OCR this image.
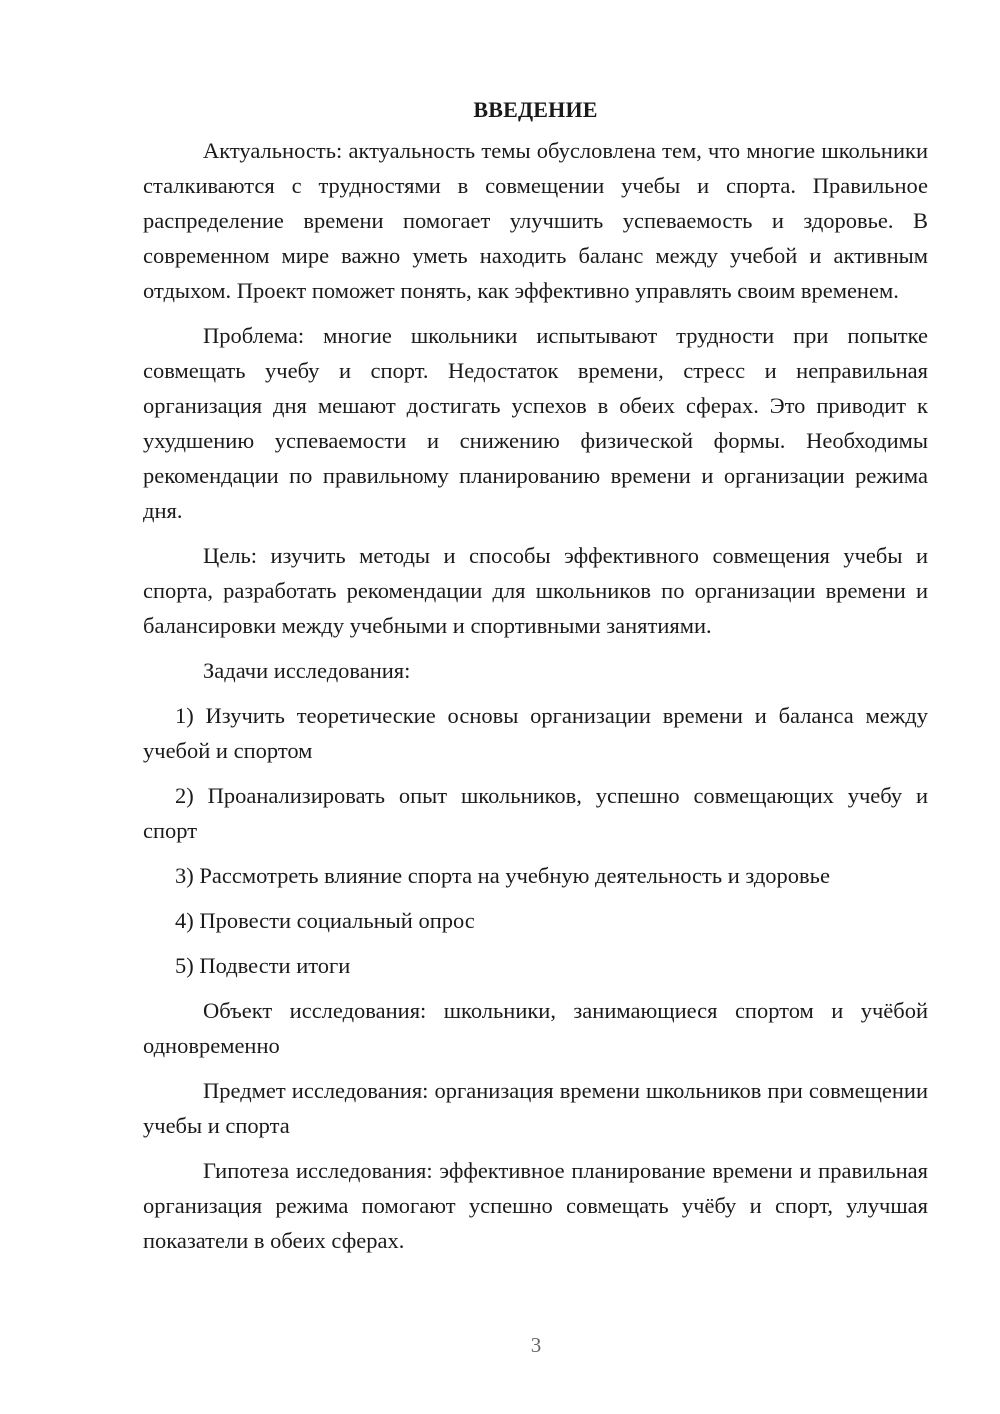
ВВЕДЕНИЕ

Актуальность: актуальность темы обусловлена тем, что многие школьники сталкиваются с трудностями в совмещении учебы и спорта. Правильное распределение времени помогает улучшить успеваемость и здоровье. В современном мире важно уметь находить баланс между учебой и активным отдыхом. Проект поможет понять, как эффективно управлять своим временем.

Проблема: многие школьники испытывают трудности при попытке совмещать учебу и спорт. Недостаток времени, стресс и неправильная организация дня мешают достигать успехов в обеих сферах. Это приводит к ухудшению успеваемости и снижению физической формы. Необходимы рекомендации по правильному планированию времени и организации режима дня.

Цель: изучить методы и способы эффективного совмещения учебы и спорта, разработать рекомендации для школьников по организации времени и балансировки между учебными и спортивными занятиями.

Задачи исследования:

1) Изучить теоретические основы организации времени и баланса между учебой и спортом

2) Проанализировать опыт школьников, успешно совмещающих учебу и спорт

3) Рассмотреть влияние спорта на учебную деятельность и здоровье

4) Провести социальный опрос

5) Подвести итоги

Объект исследования: школьники, занимающиеся спортом и учёбой одновременно

Предмет исследования: организация времени школьников при совмещении учебы и спорта

Гипотеза исследования: эффективное планирование времени и правильная организация режима помогают успешно совмещать учёбу и спорт, улучшая показатели в обеих сферах.

3
